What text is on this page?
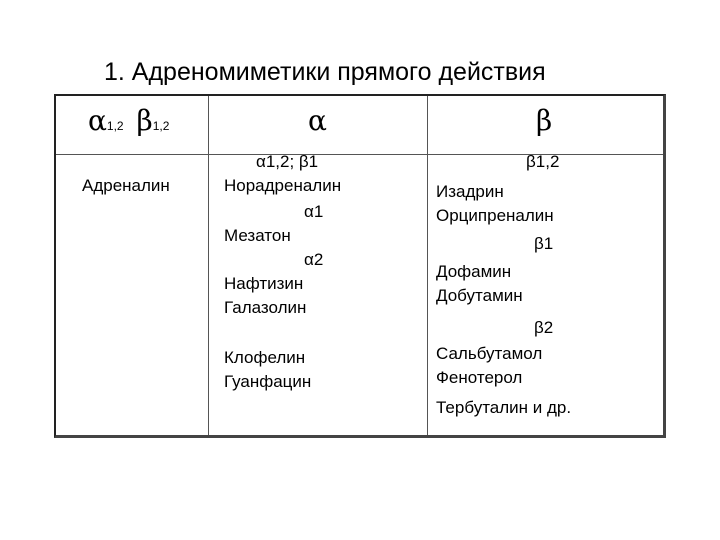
1. Адреномиметики прямого действия
α1,2 β1,2	α	β
Адреналин
α1,2; β1
Норадреналин
α1
Мезатон
α2
Нафтизин
Галазолин
Клофелин
Гуанфацин
β1,2
Изадрин
Орципреналин
β1
Дофамин
Добутамин
β2
Сальбутамол
Фенотерол
Тербуталин и др.
